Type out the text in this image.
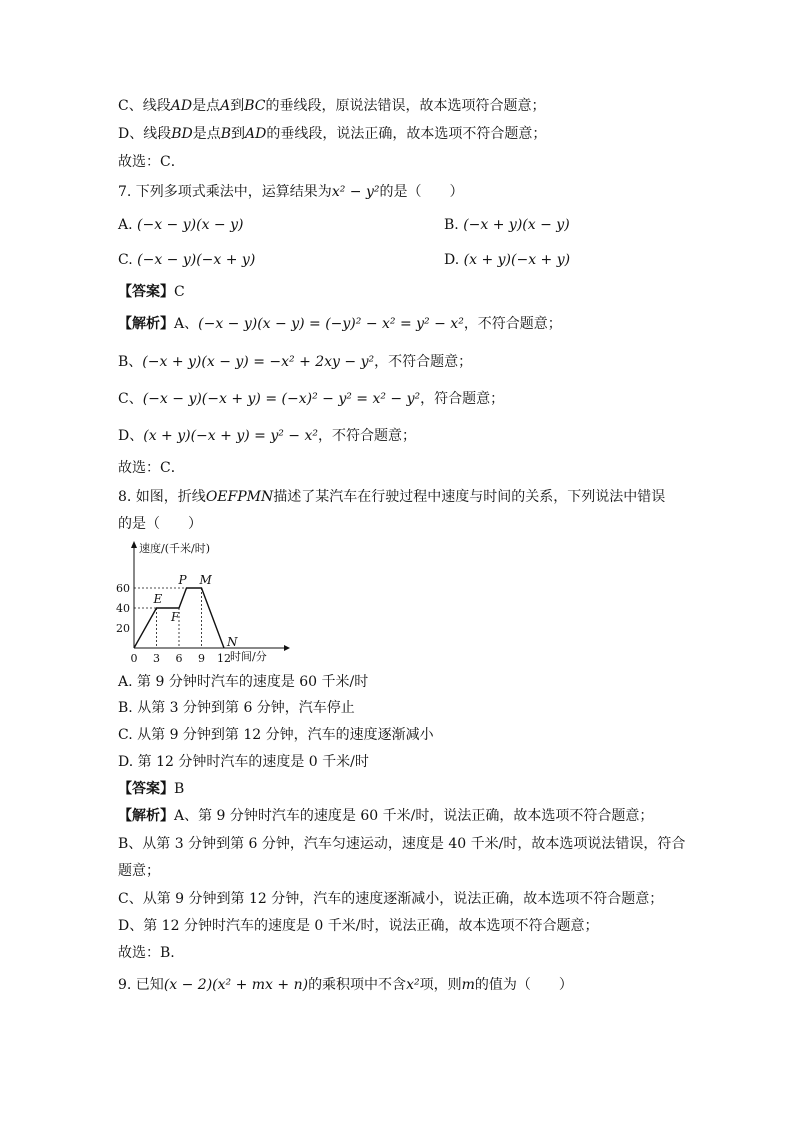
C、线段AD是点A到BC的垂线段，原说法错误，故本选项符合题意；
D、线段BD是点B到AD的垂线段，说法正确，故本选项不符合题意；
故选：C．
7. 下列多项式乘法中，运算结果为x² − y²的是（　　）
A. (−x − y)(x − y)	B. (−x + y)(x − y)
C. (−x − y)(−x + y)	D. (x + y)(−x + y)
【答案】C
【解析】A、(−x − y)(x − y) = (−y)² − x² = y² − x²，不符合题意；
B、(−x + y)(x − y) = −x² + 2xy − y²，不符合题意；
C、(−x − y)(−x + y) = (−x)² − y² = x² − y²，符合题意；
D、(x + y)(−x + y) = y² − x²，不符合题意；
故选：C．
8. 如图，折线OEFPMN描述了某汽车在行驶过程中速度与时间的关系，下列说法中错误
的是（　　）
0 3 6 9 12
20
40
60
E
F
P M
N
速度/(千米/时)
时间/分
A. 第 9 分钟时汽车的速度是 60 千米/时
B. 从第 3 分钟到第 6 分钟，汽车停止
C. 从第 9 分钟到第 12 分钟，汽车的速度逐渐减小
D. 第 12 分钟时汽车的速度是 0 千米/时
【答案】B
【解析】A、第 9 分钟时汽车的速度是 60 千米/时，说法正确，故本选项不符合题意；
B、从第 3 分钟到第 6 分钟，汽车匀速运动，速度是 40 千米/时，故本选项说法错误，符合
题意；
C、从第 9 分钟到第 12 分钟，汽车的速度逐渐减小，说法正确，故本选项不符合题意；
D、第 12 分钟时汽车的速度是 0 千米/时，说法正确，故本选项不符合题意；
故选：B.
9. 已知(x − 2)(x² + mx + n)的乘积项中不含x²项，则m的值为（　　）
